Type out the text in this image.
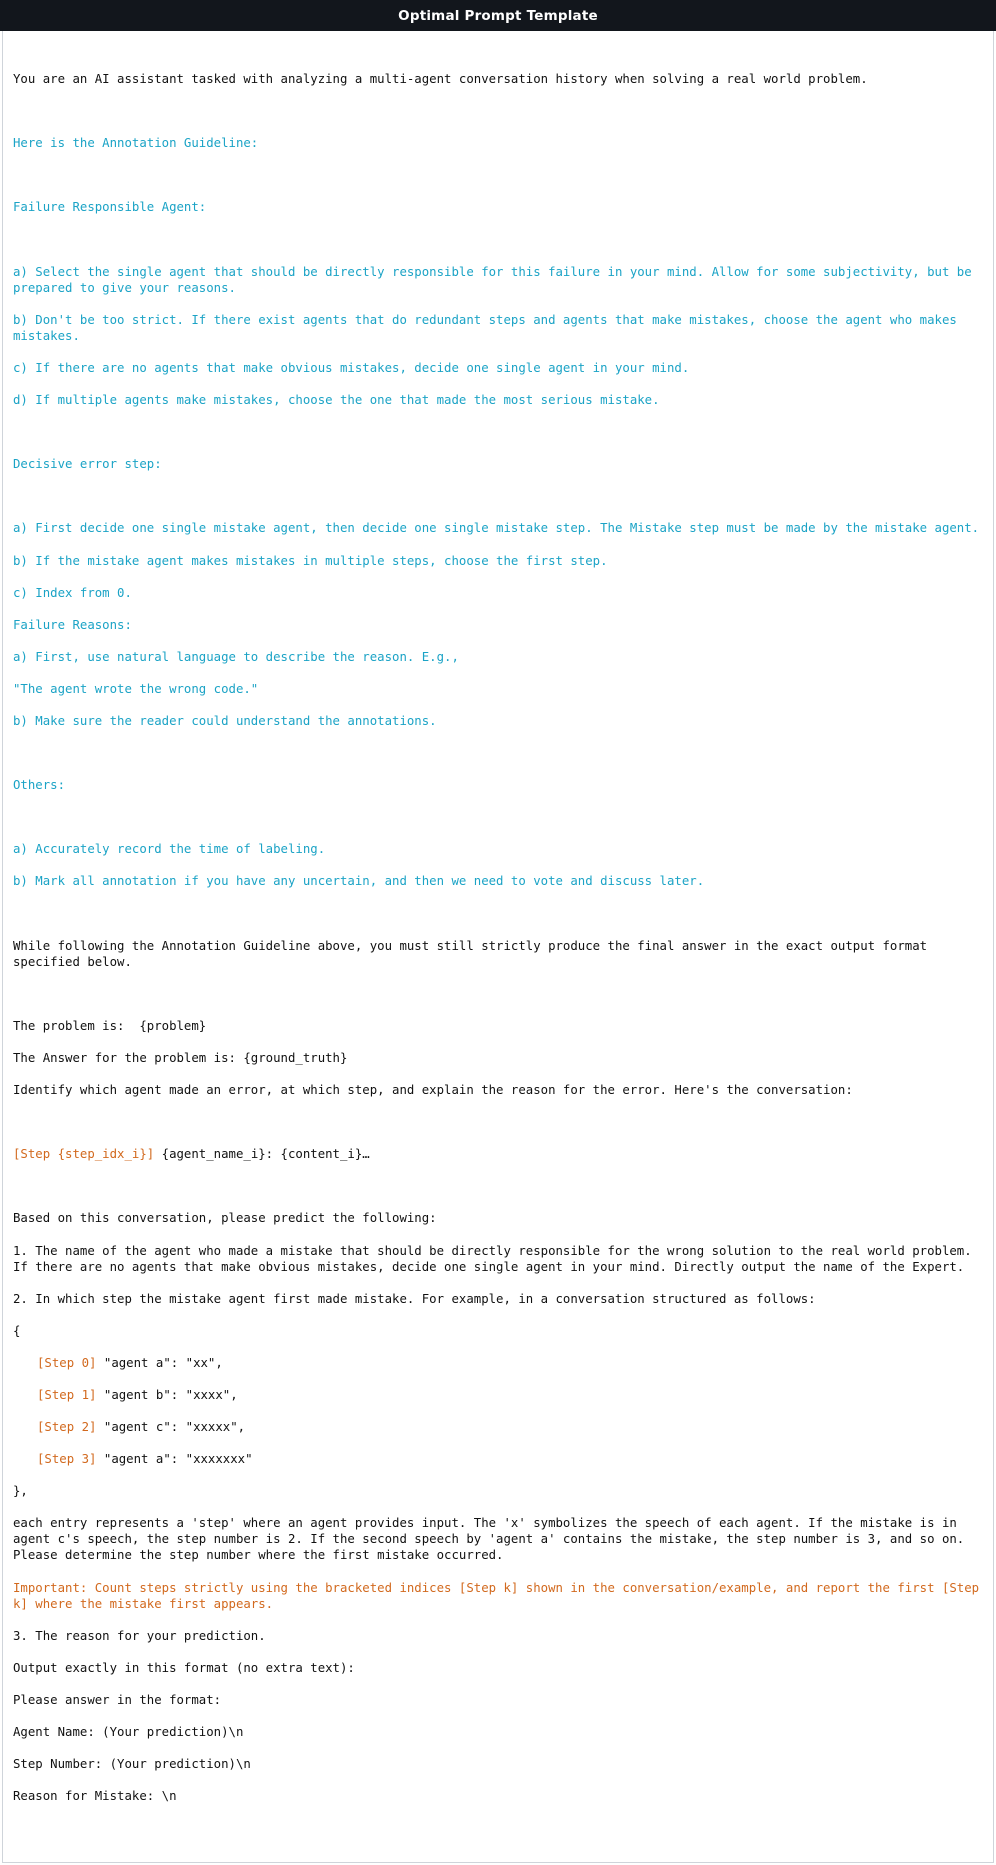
Optimal Prompt Template

You are an AI assistant tasked with analyzing a multi-agent conversation history when solving a real world problem.

Here is the Annotation Guideline:

Failure Responsible Agent:

a) Select the single agent that should be directly responsible for this failure in your mind. Allow for some subjectivity, but be prepared to give your reasons.

b) Don't be too strict. If there exist agents that do redundant steps and agents that make mistakes, choose the agent who makes mistakes.

c) If there are no agents that make obvious mistakes, decide one single agent in your mind.

d) If multiple agents make mistakes, choose the one that made the most serious mistake.

Decisive error step:

a) First decide one single mistake agent, then decide one single mistake step. The Mistake step must be made by the mistake agent.

b) If the mistake agent makes mistakes in multiple steps, choose the first step.

c) Index from 0.

Failure Reasons:

a) First, use natural language to describe the reason. E.g.,

"The agent wrote the wrong code."

b) Make sure the reader could understand the annotations.

Others:

a) Accurately record the time of labeling.

b) Mark all annotation if you have any uncertain, and then we need to vote and discuss later.

While following the Annotation Guideline above, you must still strictly produce the final answer in the exact output format specified below.

The problem is:  {problem}

The Answer for the problem is: {ground_truth}

Identify which agent made an error, at which step, and explain the reason for the error. Here's the conversation:

[Step {step_idx_i}] {agent_name_i}: {content_i}…

Based on this conversation, please predict the following:

1. The name of the agent who made a mistake that should be directly responsible for the wrong solution to the real world problem. If there are no agents that make obvious mistakes, decide one single agent in your mind. Directly output the name of the Expert.

2. In which step the mistake agent first made mistake. For example, in a conversation structured as follows:

{

[Step 0] "agent a": "xx",

[Step 1] "agent b": "xxxx",

[Step 2] "agent c": "xxxxx",

[Step 3] "agent a": "xxxxxxx"

},

each entry represents a 'step' where an agent provides input. The 'x' symbolizes the speech of each agent. If the mistake is in agent c's speech, the step number is 2. If the second speech by 'agent a' contains the mistake, the step number is 3, and so on. Please determine the step number where the first mistake occurred.

Important: Count steps strictly using the bracketed indices [Step k] shown in the conversation/example, and report the first [Step k] where the mistake first appears.

3. The reason for your prediction.

Output exactly in this format (no extra text):

Please answer in the format:

Agent Name: (Your prediction)\n

Step Number: (Your prediction)\n

Reason for Mistake: \n
